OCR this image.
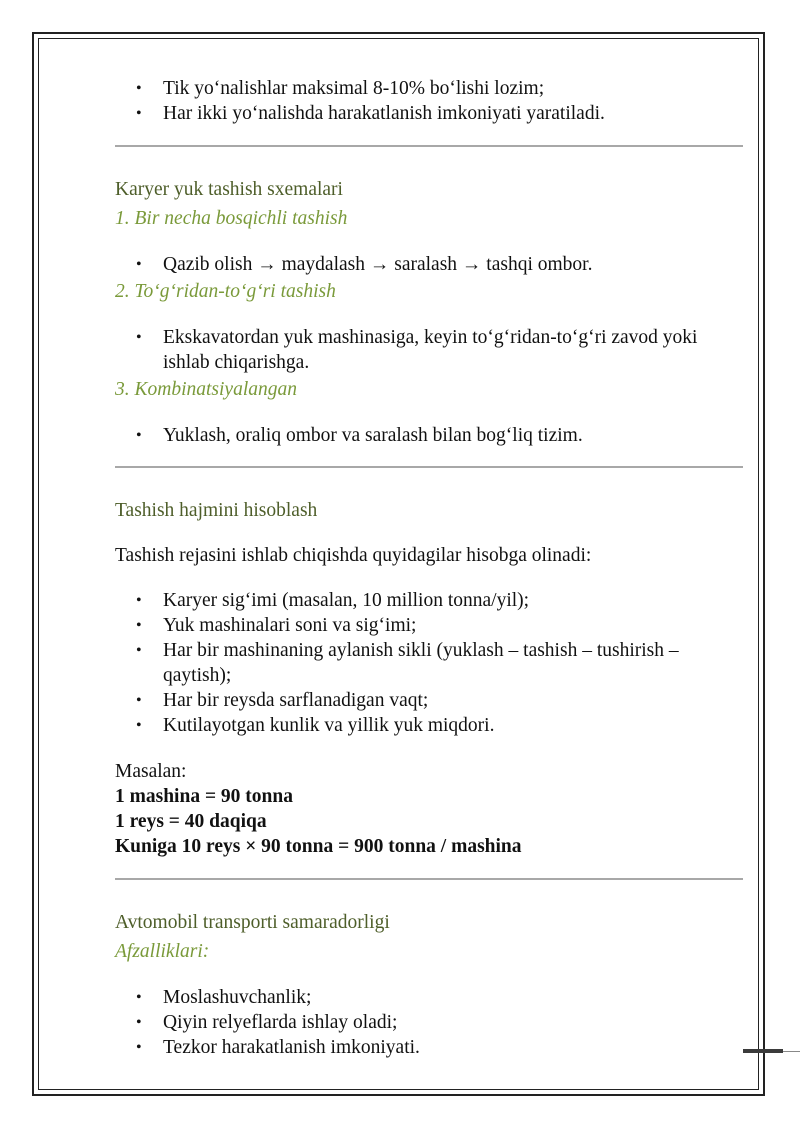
• Tik yo‘nalishlar maksimal 8-10% bo‘lishi lozim;
• Har ikki yo‘nalishda harakatlanish imkoniyati yaratiladi.
Karyer yuk tashish sxemalari
1. Bir necha bosqichli tashish
• Qazib olish → maydalash → saralash → tashqi ombor.
2. To‘g‘ridan-to‘g‘ri tashish
• Ekskavatordan yuk mashinasiga, keyin to‘g‘ridan-to‘g‘ri zavod yoki ishlab chiqarishga.
3. Kombinatsiyalangan
• Yuklash, oraliq ombor va saralash bilan bog‘liq tizim.
Tashish hajmini hisoblash
Tashish rejasini ishlab chiqishda quyidagilar hisobga olinadi:
• Karyer sig‘imi (masalan, 10 million tonna/yil);
• Yuk mashinalari soni va sig‘imi;
• Har bir mashinaning aylanish sikli (yuklash – tashish – tushirish – qaytish);
• Har bir reysda sarflanadigan vaqt;
• Kutilayotgan kunlik va yillik yuk miqdori.
Masalan:
1 mashina = 90 tonna
1 reys = 40 daqiqa
Kuniga 10 reys × 90 tonna = 900 tonna / mashina
Avtomobil transporti samaradorligi
Afzalliklari:
• Moslashuvchanlik;
• Qiyin relyeflarda ishlay oladi;
• Tezkor harakatlanish imkoniyati.
